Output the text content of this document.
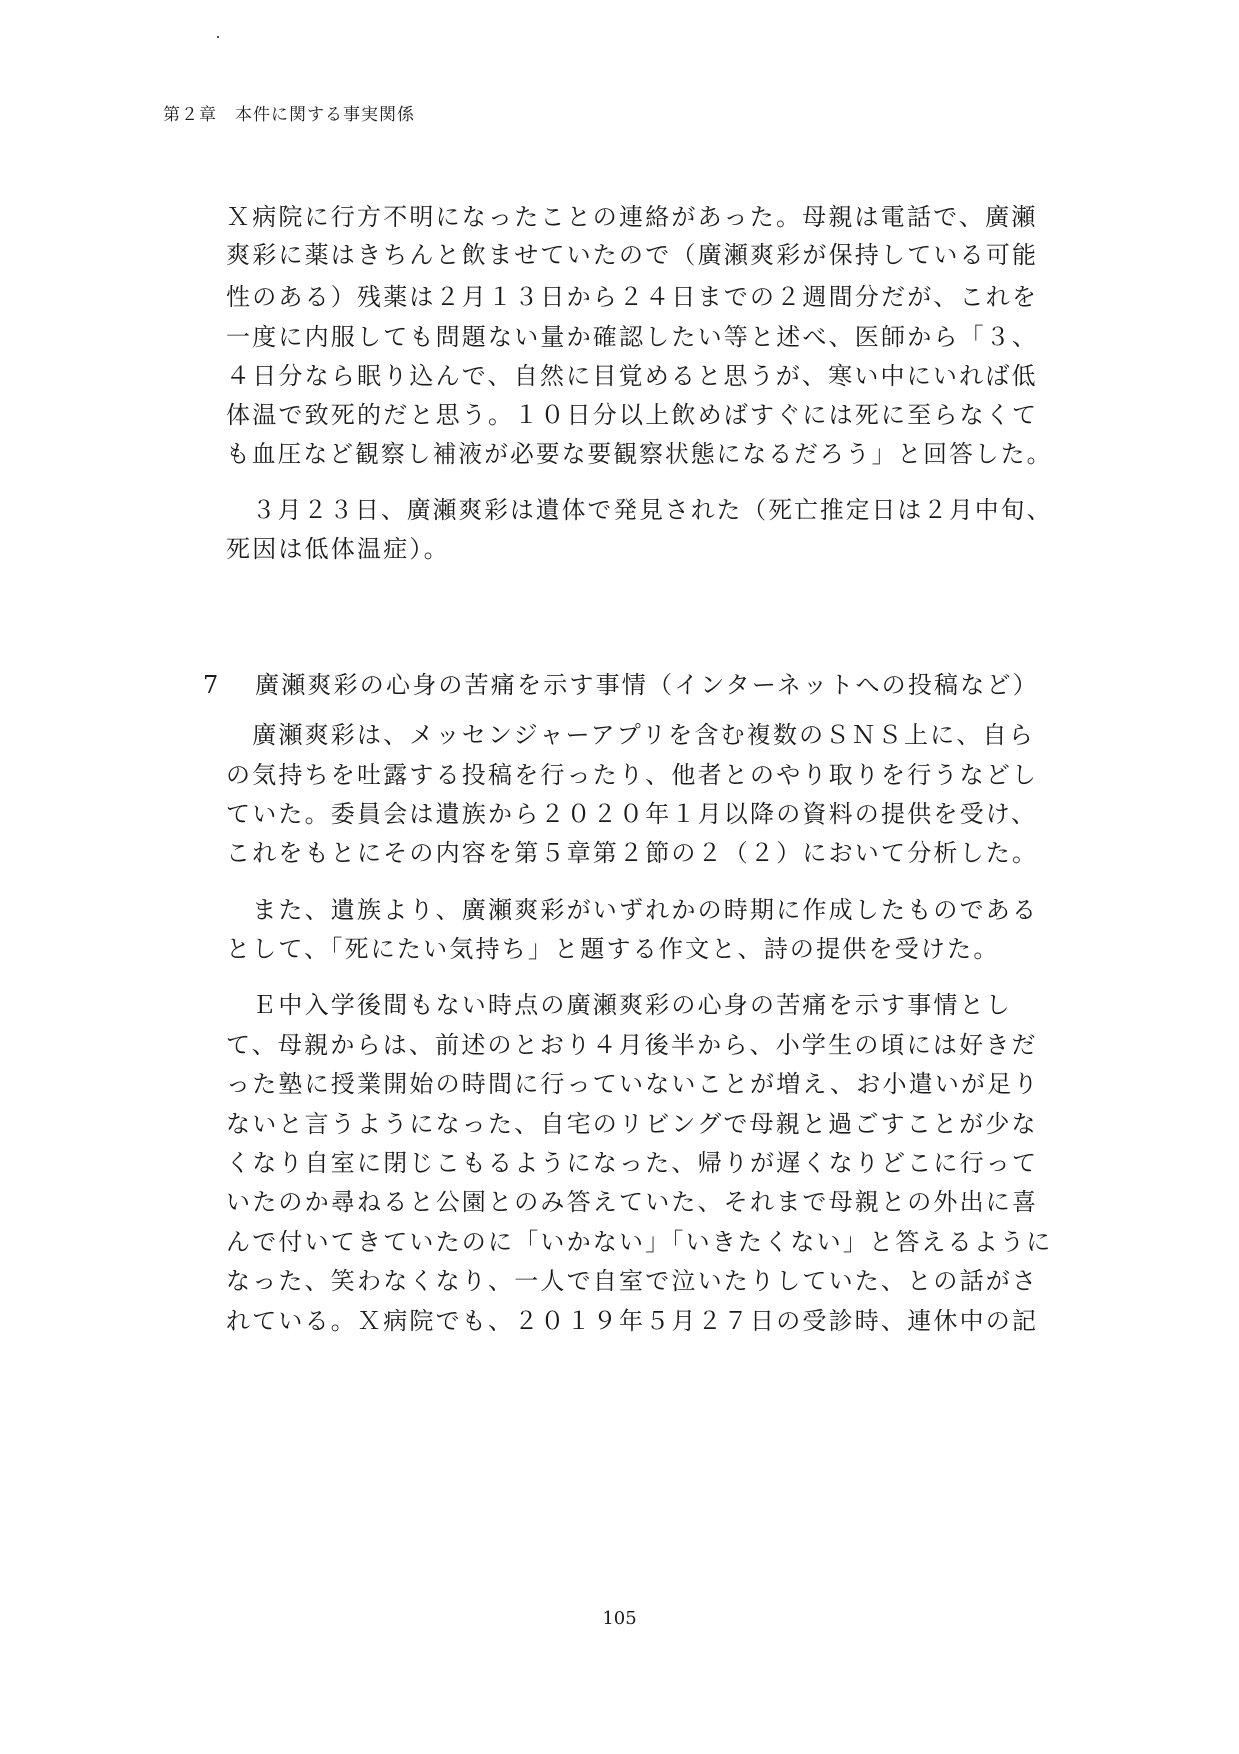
第２章　本件に関する事実関係
Ｘ病院に行方不明になったことの連絡があった。母親は電話で、廣瀬
爽彩に薬はきちんと飲ませていたので（廣瀬爽彩が保持している可能
性のある）残薬は２月１３日から２４日までの２週間分だが、これを
一度に内服しても問題ない量か確認したい等と述べ、医師から「３、
４日分なら眠り込んで、自然に目覚めると思うが、寒い中にいれば低
体温で致死的だと思う。１０日分以上飲めばすぐには死に至らなくて
も血圧など観察し補液が必要な要観察状態になるだろう」と回答した。
　３月２３日、廣瀬爽彩は遺体で発見された（死亡推定日は２月中旬、
死因は低体温症）。
7 廣瀬爽彩の心身の苦痛を示す事情（インターネットへの投稿など）
　廣瀬爽彩は、メッセンジャーアプリを含む複数のＳＮＳ上に、自ら
の気持ちを吐露する投稿を行ったり、他者とのやり取りを行うなどし
ていた。委員会は遺族から２０２０年１月以降の資料の提供を受け、
これをもとにその内容を第５章第２節の２（２）において分析した。
　また、遺族より、廣瀬爽彩がいずれかの時期に作成したものである
として、「死にたい気持ち」と題する作文と、詩の提供を受けた。
　Ｅ中入学後間もない時点の廣瀬爽彩の心身の苦痛を示す事情とし
て、母親からは、前述のとおり４月後半から、小学生の頃には好きだ
った塾に授業開始の時間に行っていないことが増え、お小遣いが足り
ないと言うようになった、自宅のリビングで母親と過ごすことが少な
くなり自室に閉じこもるようになった、帰りが遅くなりどこに行って
いたのか尋ねると公園とのみ答えていた、それまで母親との外出に喜
んで付いてきていたのに「いかない」「いきたくない」と答えるように
なった、笑わなくなり、一人で自室で泣いたりしていた、との話がさ
れている。Ｘ病院でも、２０１９年５月２７日の受診時、連休中の記
105
